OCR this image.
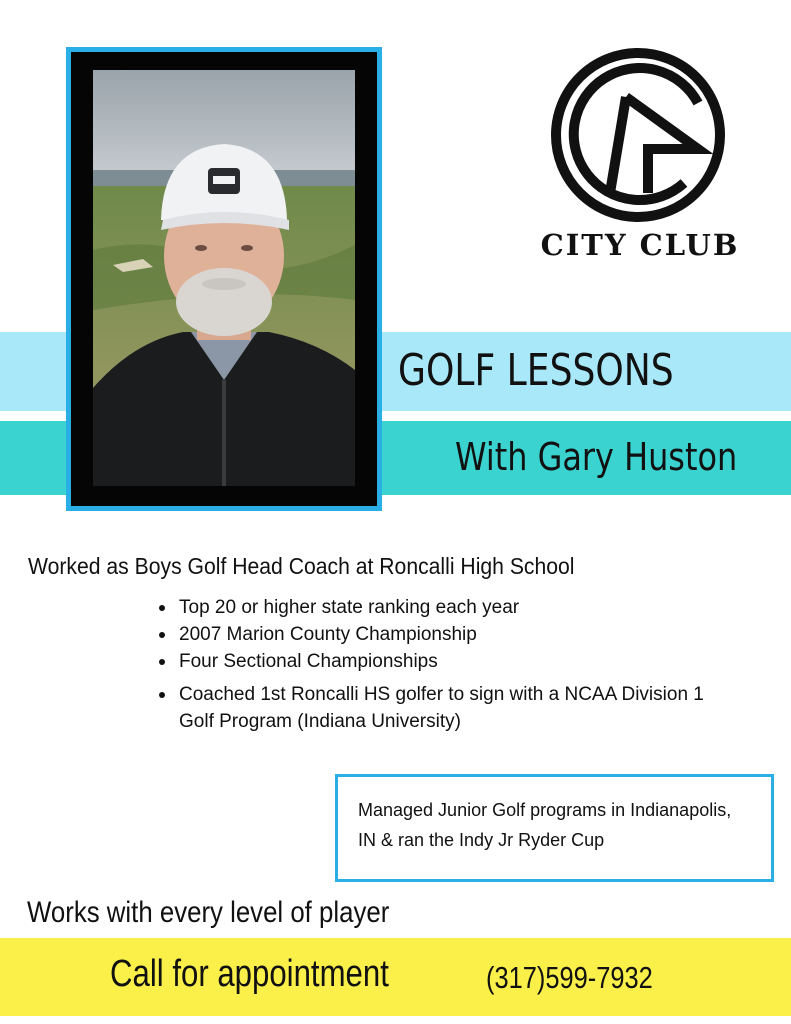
CITY CLUB
GOLF LESSONS
With Gary Huston
Worked as Boys Golf Head Coach at Roncalli High School
Top 20 or higher state ranking each year
2007 Marion County Championship
Four Sectional Championships
Coached 1st Roncalli HS golfer to sign with a NCAA Division 1
Golf Program (Indiana University)
Managed Junior Golf programs in Indianapolis,
IN & ran the Indy Jr Ryder Cup
Works with every level of player
Call for appointment	(317)599-7932
